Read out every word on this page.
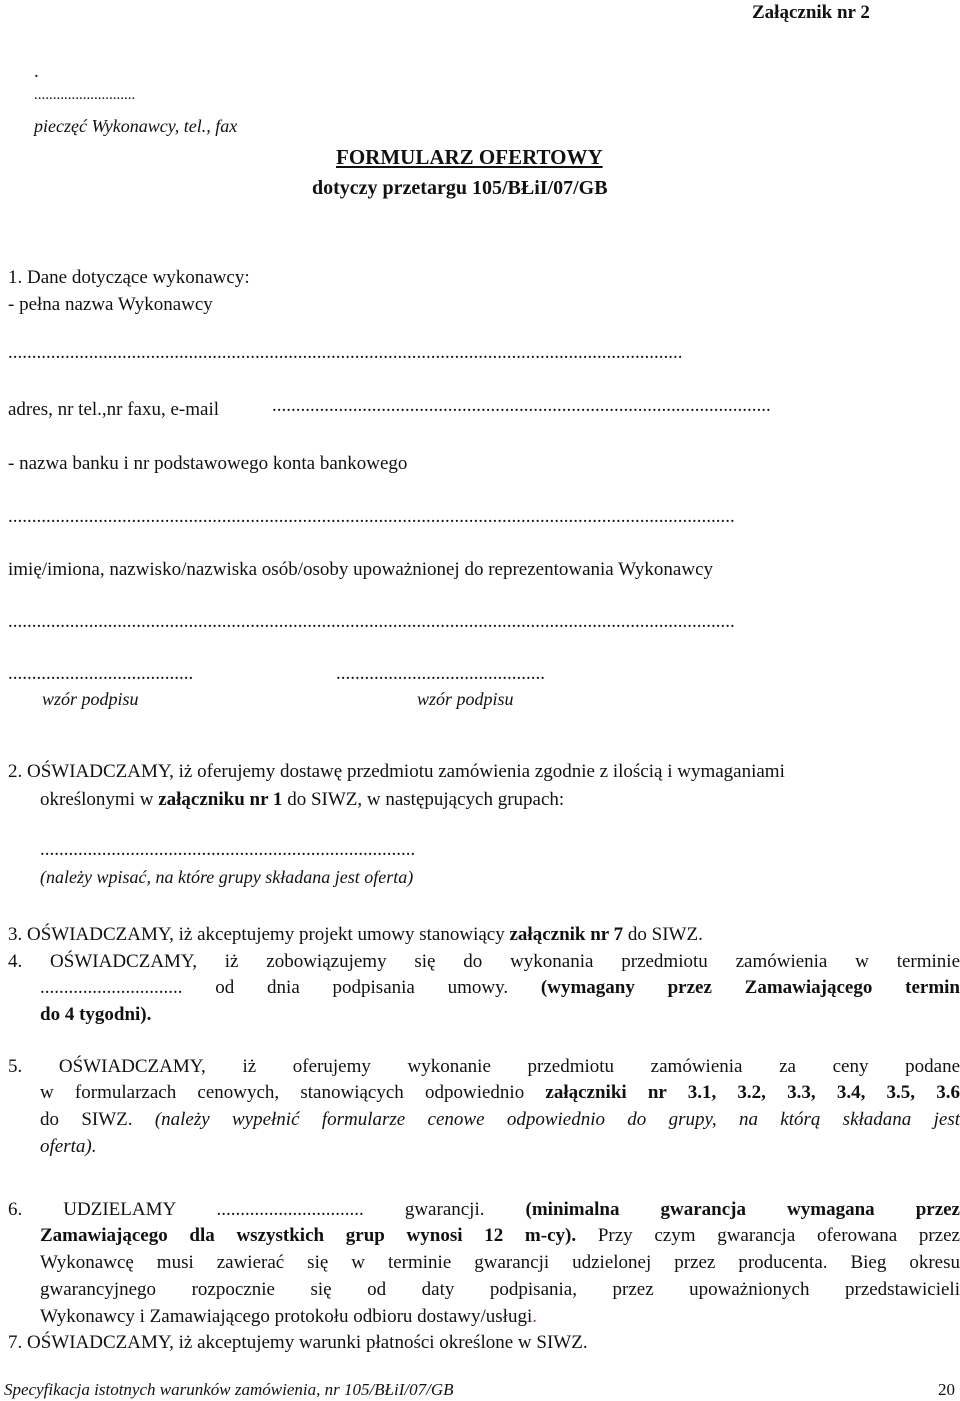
Załącznik nr 2
.
...........................
pieczęć Wykonawcy, tel., fax
FORMULARZ OFERTOWY
dotyczy przetargu 105/BŁiI/07/GB
1. Dane dotyczące wykonawcy:
- pełna nazwa Wykonawcy
..............................................................................................................................................
adres, nr tel.,nr faxu, e-mail	.........................................................................................................
- nazwa banku i nr podstawowego konta bankowego
.........................................................................................................................................................
imię/imiona, nazwisko/nazwiska osób/osoby upoważnionej do reprezentowania Wykonawcy
.........................................................................................................................................................
.......................................	............................................
wzór podpisu	wzór podpisu
2. OŚWIADCZAMY, iż oferujemy dostawę przedmiotu zamówienia zgodnie z ilością i wymaganiami
określonymi w załączniku nr 1 do SIWZ, w następujących grupach:
...............................................................................
(należy wpisać, na które grupy składana jest oferta)
3. OŚWIADCZAMY, iż akceptujemy projekt umowy stanowiący załącznik nr 7 do SIWZ.
4. OŚWIADCZAMY, iż zobowiązujemy się do wykonania przedmiotu zamówienia w terminie
.............................. od dnia podpisania umowy. (wymagany przez Zamawiającego termin
do 4 tygodni).
5. OŚWIADCZAMY, iż oferujemy wykonanie przedmiotu zamówienia za ceny podane
w formularzach cenowych, stanowiących odpowiednio załączniki nr 3.1, 3.2, 3.3, 3.4, 3.5, 3.6
do SIWZ. (należy wypełnić formularze cenowe odpowiednio do grupy, na którą składana jest
oferta).
6. UDZIELAMY ............................... gwarancji. (minimalna gwarancja wymagana przez
Zamawiającego dla wszystkich grup wynosi 12 m-cy). Przy czym gwarancja oferowana przez
Wykonawcę musi zawierać się w terminie gwarancji udzielonej przez producenta. Bieg okresu
gwarancyjnego rozpocznie się od daty podpisania, przez upoważnionych przedstawicieli
Wykonawcy i Zamawiającego protokołu odbioru dostawy/usługi.
7. OŚWIADCZAMY, iż akceptujemy warunki płatności określone w SIWZ.
Specyfikacja istotnych warunków zamówienia, nr 105/BŁiI/07/GB	20
